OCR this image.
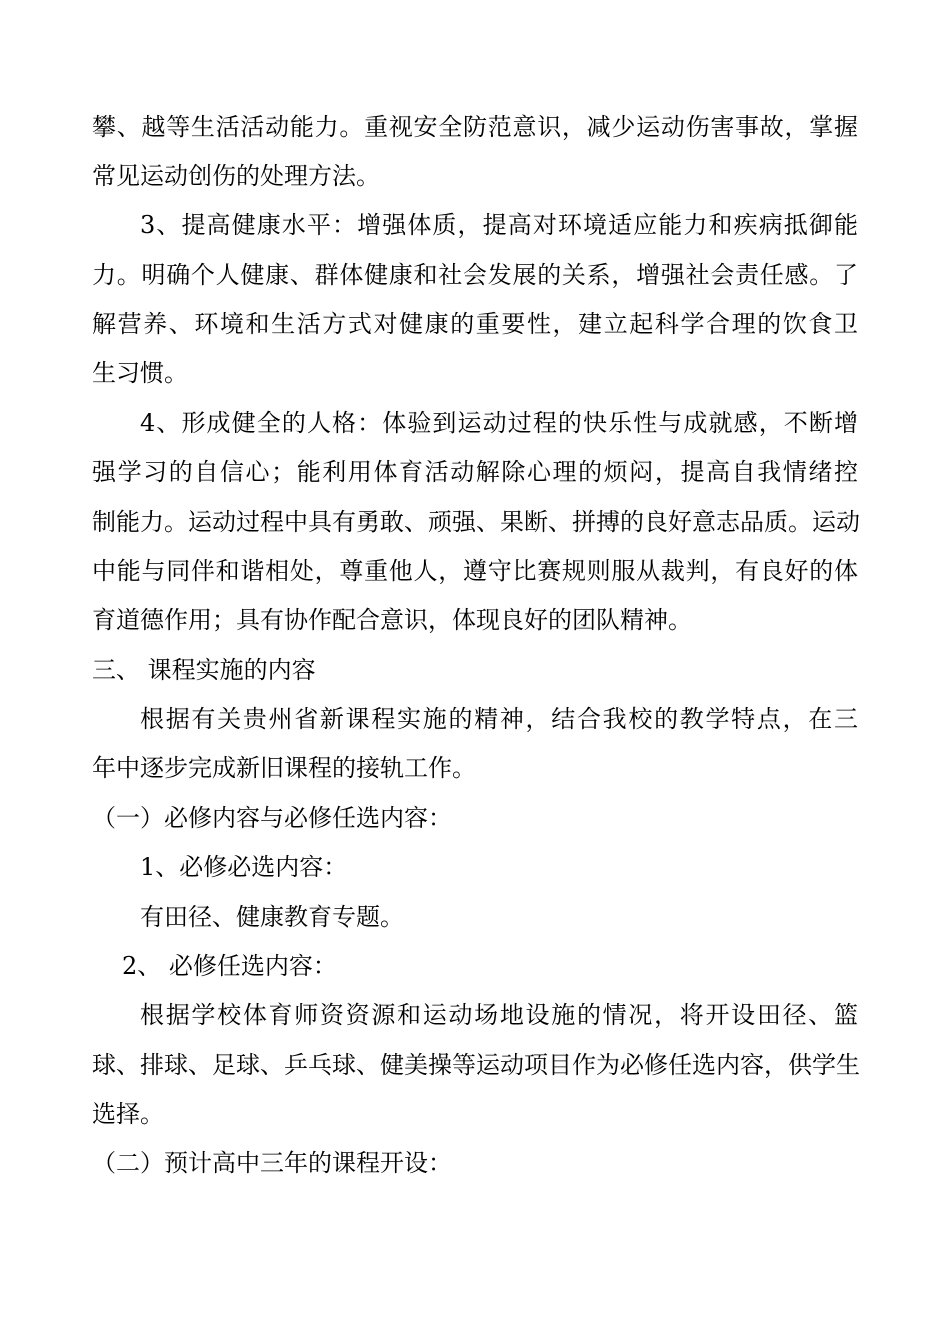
攀、越等生活活动能力。重视安全防范意识，减少运动伤害事故，掌握
常见运动创伤的处理方法。
3、提高健康水平：增强体质，提高对环境适应能力和疾病抵御能
力。明确个人健康、群体健康和社会发展的关系，增强社会责任感。了
解营养、环境和生活方式对健康的重要性，建立起科学合理的饮食卫
生习惯。
4、形成健全的人格：体验到运动过程的快乐性与成就感，不断增
强学习的自信心；能利用体育活动解除心理的烦闷，提高自我情绪控
制能力。运动过程中具有勇敢、顽强、果断、拼搏的良好意志品质。运动
中能与同伴和谐相处，尊重他人，遵守比赛规则服从裁判，有良好的体
育道德作用；具有协作配合意识，体现良好的团队精神。
三、 课程实施的内容
根据有关贵州省新课程实施的精神，结合我校的教学特点，在三
年中逐步完成新旧课程的接轨工作。
（一）必修内容与必修任选内容：
1、必修必选内容：
有田径、健康教育专题。
2、 必修任选内容：
根据学校体育师资资源和运动场地设施的情况，将开设田径、篮
球、排球、足球、乒乓球、健美操等运动项目作为必修任选内容，供学生
选择。
（二）预计高中三年的课程开设：
